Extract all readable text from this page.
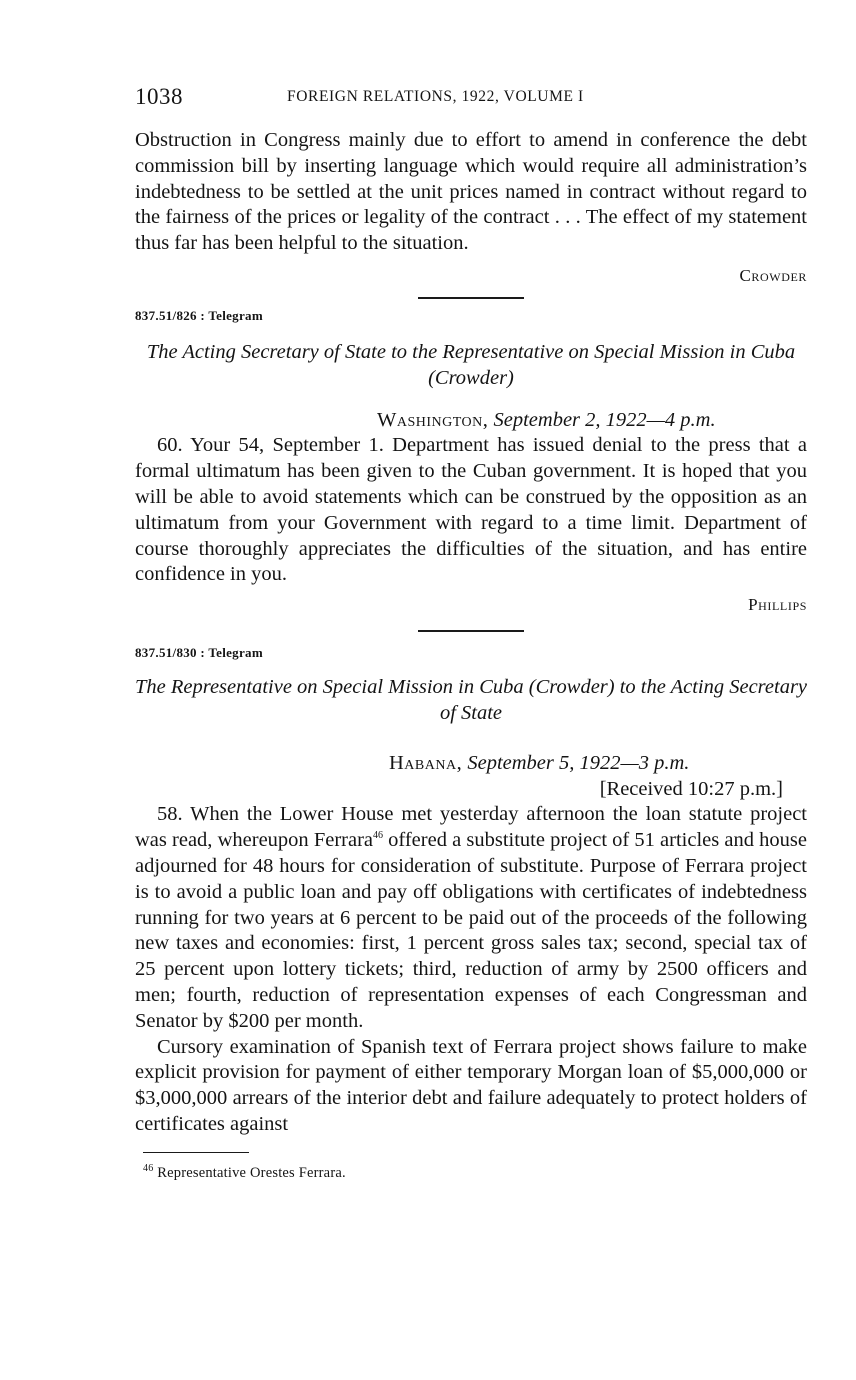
1038	FOREIGN RELATIONS, 1922, VOLUME I

Obstruction in Congress mainly due to effort to amend in conference the debt commission bill by inserting language which would require all administration’s indebtedness to be settled at the unit prices named in contract without regard to the fairness of the prices or legality of the contract . . . The effect of my statement thus far has been helpful to the situation.

Crowder

837.51/826 : Telegram

The Acting Secretary of State to the Representative on Special Mission in Cuba (Crowder)

Washington, September 2, 1922—4 p.m.

60. Your 54, September 1. Department has issued denial to the press that a formal ultimatum has been given to the Cuban government. It is hoped that you will be able to avoid statements which can be construed by the opposition as an ultimatum from your Government with regard to a time limit. Department of course thoroughly appreciates the difficulties of the situation, and has entire confidence in you.

Phillips

837.51/830 : Telegram

The Representative on Special Mission in Cuba (Crowder) to the Acting Secretary of State

Habana, September 5, 1922—3 p.m.

[Received 10:27 p.m.]

58. When the Lower House met yesterday afternoon the loan statute project was read, whereupon Ferrara$^{46}$ offered a substitute project of 51 articles and house adjourned for 48 hours for consideration of substitute. Purpose of Ferrara project is to avoid a public loan and pay off obligations with certificates of indebtedness running for two years at 6 percent to be paid out of the proceeds of the following new taxes and economies: first, 1 percent gross sales tax; second, special tax of 25 percent upon lottery tickets; third, reduction of army by 2500 officers and men; fourth, reduction of representation expenses of each Congressman and Senator by $200 per month.

Cursory examination of Spanish text of Ferrara project shows failure to make explicit provision for payment of either temporary Morgan loan of $5,000,000 or $3,000,000 arrears of the interior debt and failure adequately to protect holders of certificates against

$^{46}$ Representative Orestes Ferrara.
